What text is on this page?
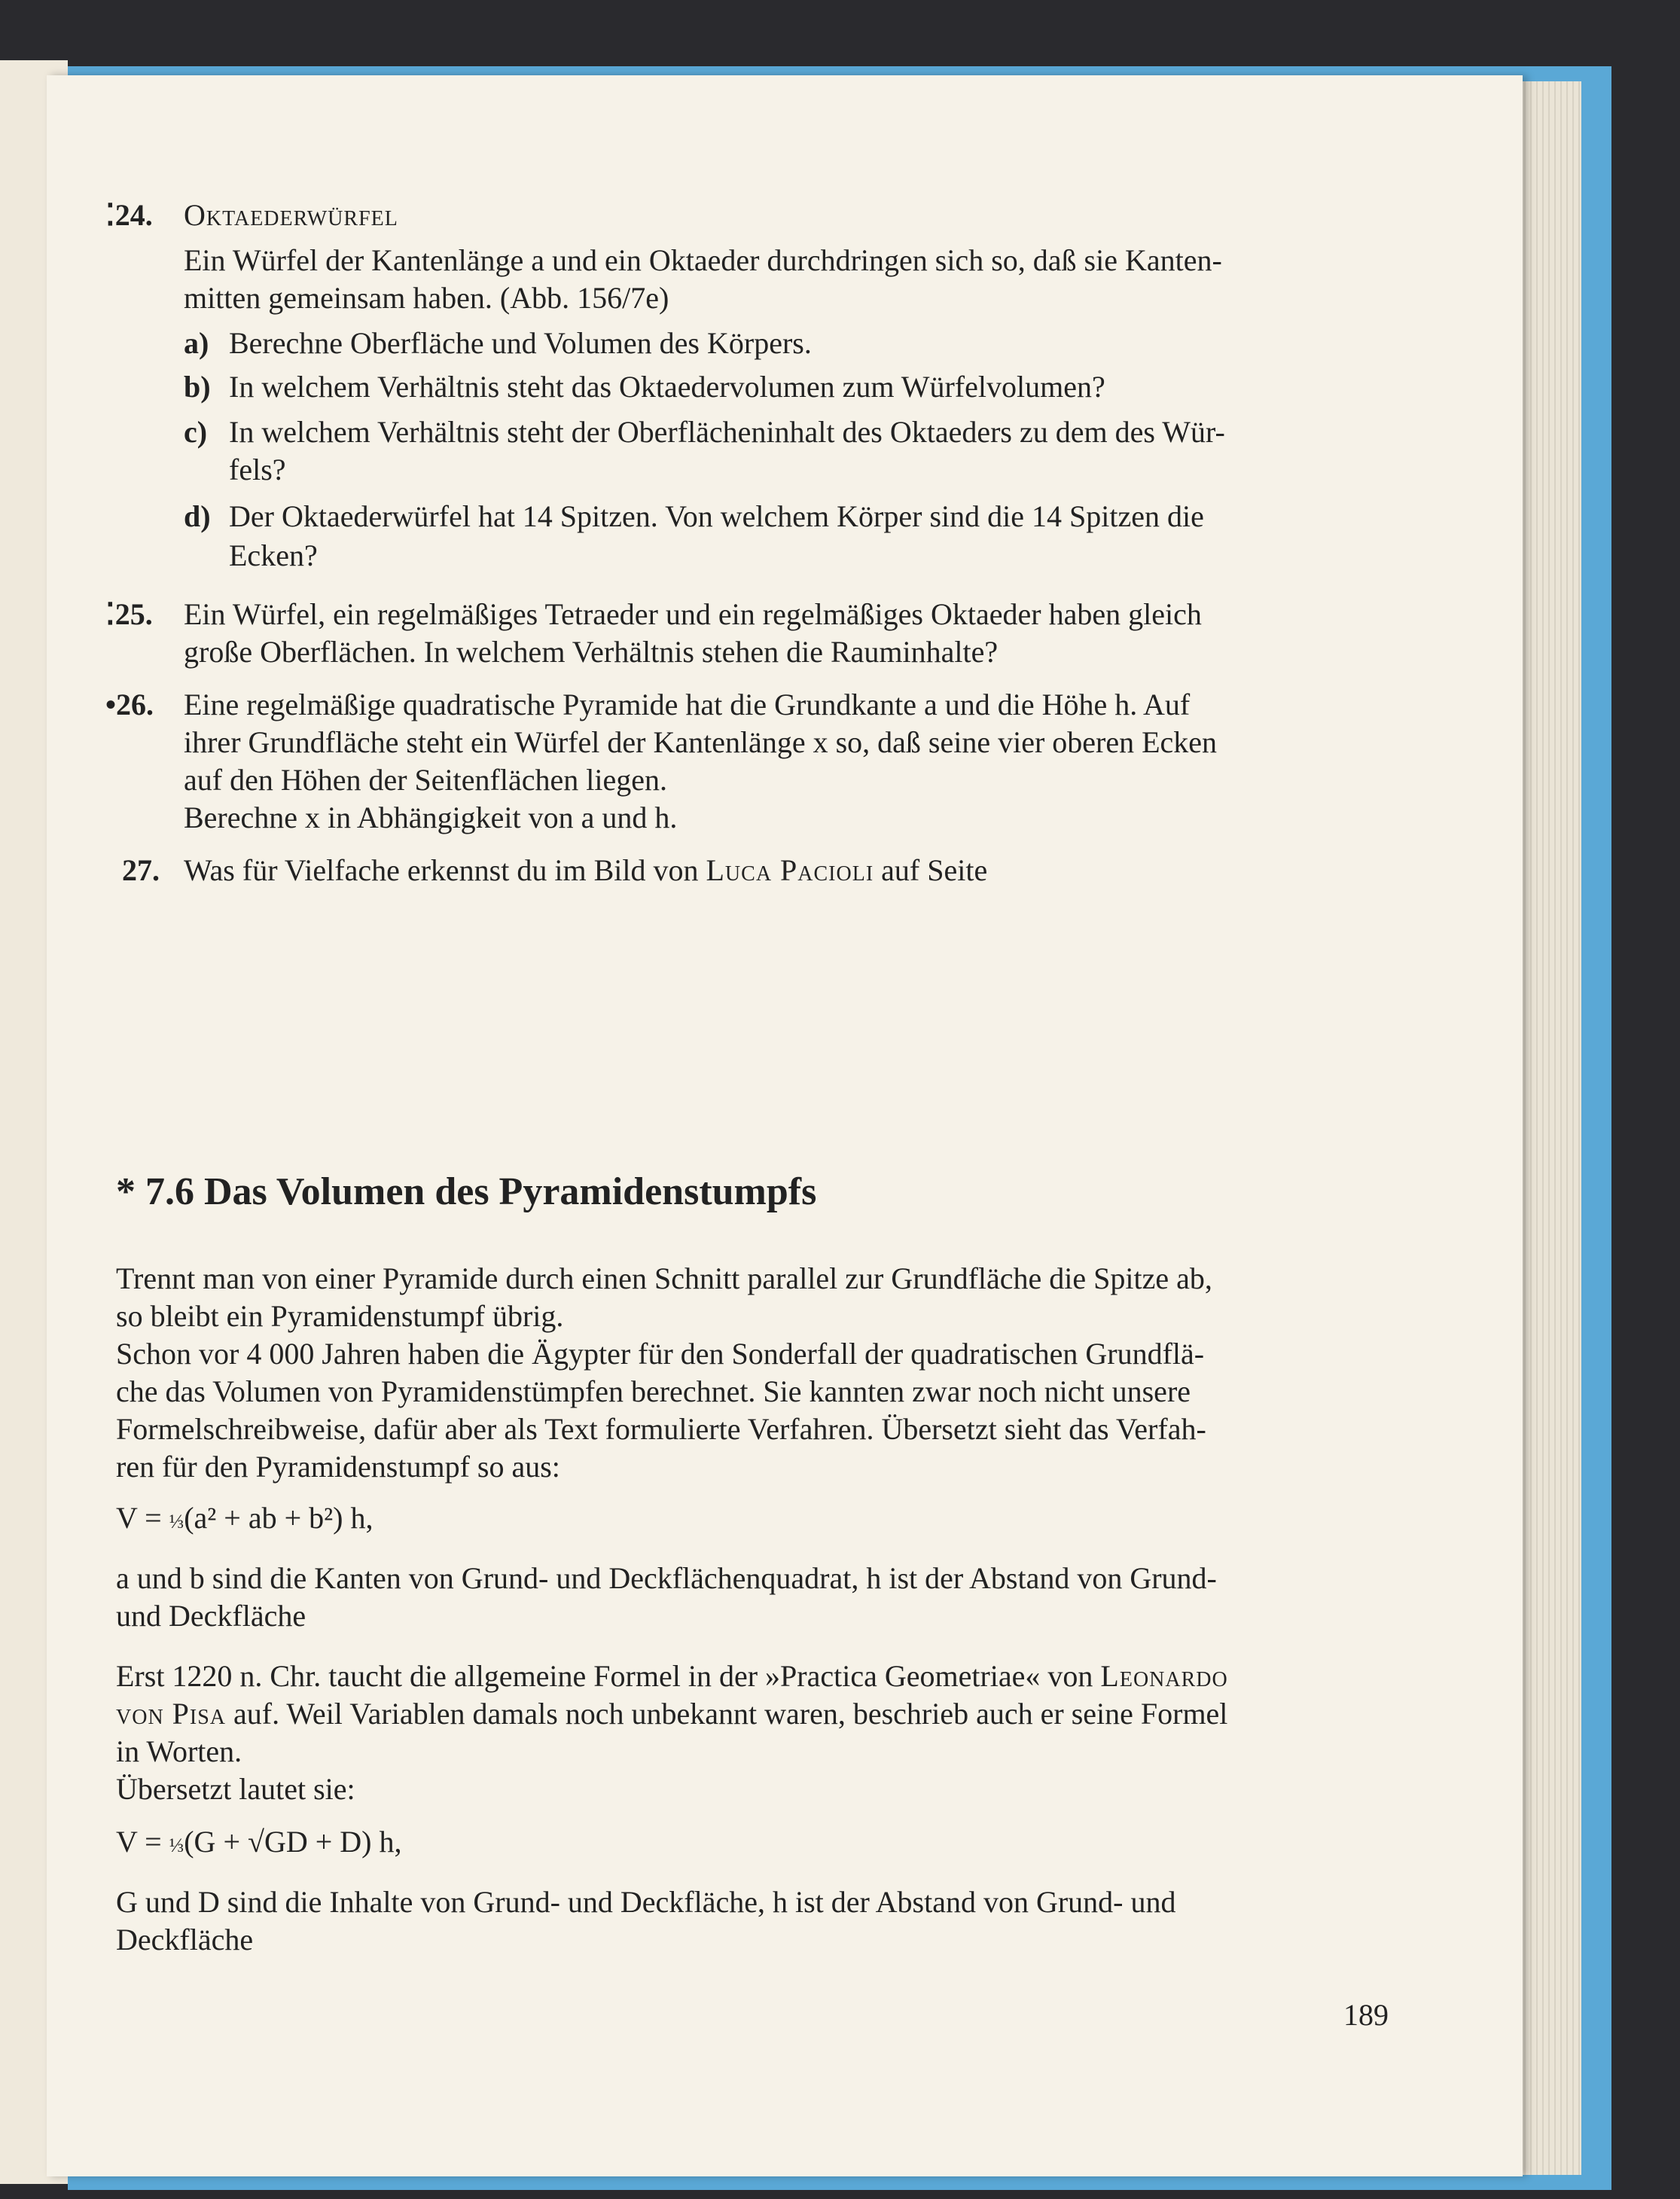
⁚24. Oktaederwürfel
Ein Würfel der Kantenlänge a und ein Oktaeder durchdringen sich so, daß sie Kanten-
mitten gemeinsam haben. (Abb. 156/7e)
a) Berechne Oberfläche und Volumen des Körpers.
b) In welchem Verhältnis steht das Oktaedervolumen zum Würfelvolumen?
c) In welchem Verhältnis steht der Oberflächeninhalt des Oktaeders zu dem des Wür-
fels?
d) Der Oktaederwürfel hat 14 Spitzen. Von welchem Körper sind die 14 Spitzen die
Ecken?
⁚25. Ein Würfel, ein regelmäßiges Tetraeder und ein regelmäßiges Oktaeder haben gleich
große Oberflächen. In welchem Verhältnis stehen die Rauminhalte?
•26. Eine regelmäßige quadratische Pyramide hat die Grundkante a und die Höhe h. Auf
ihrer Grundfläche steht ein Würfel der Kantenlänge x so, daß seine vier oberen Ecken
auf den Höhen der Seitenflächen liegen.
Berechne x in Abhängigkeit von a und h.
27. Was für Vielfache erkennst du im Bild von Luca Pacioli auf Seite
* 7.6 Das Volumen des Pyramidenstumpfs
Trennt man von einer Pyramide durch einen Schnitt parallel zur Grundfläche die Spitze ab,
so bleibt ein Pyramidenstumpf übrig.
Schon vor 4 000 Jahren haben die Ägypter für den Sonderfall der quadratischen Grundflä-
che das Volumen von Pyramidenstümpfen berechnet. Sie kannten zwar noch nicht unsere
Formelschreibweise, dafür aber als Text formulierte Verfahren. Übersetzt sieht das Verfah-
ren für den Pyramidenstumpf so aus:
V = ⅓(a² + ab + b²) h,
a und b sind die Kanten von Grund- und Deckflächenquadrat, h ist der Abstand von Grund-
und Deckfläche
Erst 1220 n. Chr. taucht die allgemeine Formel in der »Practica Geometriae« von Leonardo
von Pisa auf. Weil Variablen damals noch unbekannt waren, beschrieb auch er seine Formel
in Worten.
Übersetzt lautet sie:
V = ⅓(G + √GD + D) h,
G und D sind die Inhalte von Grund- und Deckfläche, h ist der Abstand von Grund- und
Deckfläche
189
